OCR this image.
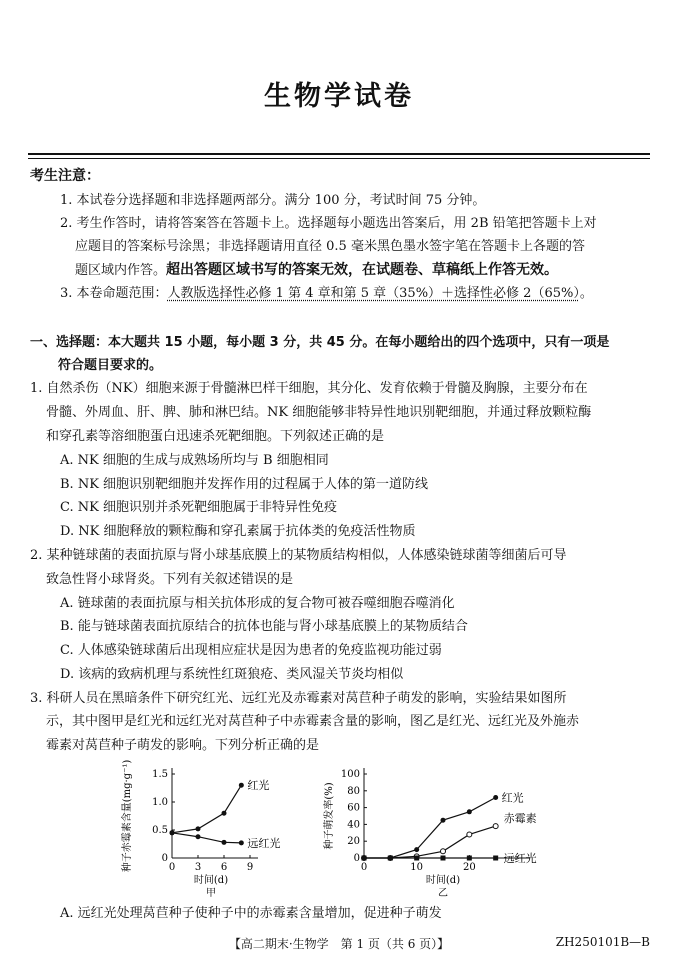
生物学试卷
考生注意：
1. 本试卷分选择题和非选择题两部分。满分 100 分，考试时间 75 分钟。
2. 考生作答时，请将答案答在答题卡上。选择题每小题选出答案后，用 2B 铅笔把答题卡上对
应题目的答案标号涂黑；非选择题请用直径 0.5 毫米黑色墨水签字笔在答题卡上各题的答
题区域内作答。超出答题区域书写的答案无效，在试题卷、草稿纸上作答无效。
3. 本卷命题范围：人教版选择性必修 1 第 4 章和第 5 章（35%）＋选择性必修 2（65%）。
一、选择题：本大题共 15 小题，每小题 3 分，共 45 分。在每小题给出的四个选项中，只有一项是
符合题目要求的。
1. 自然杀伤（NK）细胞来源于骨髓淋巴样干细胞，其分化、发育依赖于骨髓及胸腺，主要分布在
骨髓、外周血、肝、脾、肺和淋巴结。NK 细胞能够非特异性地识别靶细胞，并通过释放颗粒酶
和穿孔素等溶细胞蛋白迅速杀死靶细胞。下列叙述正确的是
A. NK 细胞的生成与成熟场所均与 B 细胞相同
B. NK 细胞识别靶细胞并发挥作用的过程属于人体的第一道防线
C. NK 细胞识别并杀死靶细胞属于非特异性免疫
D. NK 细胞释放的颗粒酶和穿孔素属于抗体类的免疫活性物质
2. 某种链球菌的表面抗原与肾小球基底膜上的某物质结构相似，人体感染链球菌等细菌后可导
致急性肾小球肾炎。下列有关叙述错误的是
A. 链球菌的表面抗原与相关抗体形成的复合物可被吞噬细胞吞噬消化
B. 能与链球菌表面抗原结合的抗体也能与肾小球基底膜上的某物质结合
C. 人体感染链球菌后出现相应症状是因为患者的免疫监视功能过弱
D. 该病的致病机理与系统性红斑狼疮、类风湿关节炎均相似
3. 科研人员在黑暗条件下研究红光、远红光及赤霉素对莴苣种子萌发的影响，实验结果如图所
示，其中图甲是红光和远红光对莴苣种子中赤霉素含量的影响，图乙是红光、远红光及外施赤
霉素对莴苣种子萌发的影响。下列分析正确的是
0 3 6 9
0
0.5
1.0
1.5
时间(d)
甲
种子赤霉素含量(mg·g⁻¹)	红光
远红光
0	10	20
0
20
40
60
80
100
时间(d)
乙
种子萌发率(%)	红光
赤霉素
远红光
A. 远红光处理莴苣种子使种子中的赤霉素含量增加，促进种子萌发
【高二期末·生物学　第 1 页（共 6 页）】	ZH250101B—B
